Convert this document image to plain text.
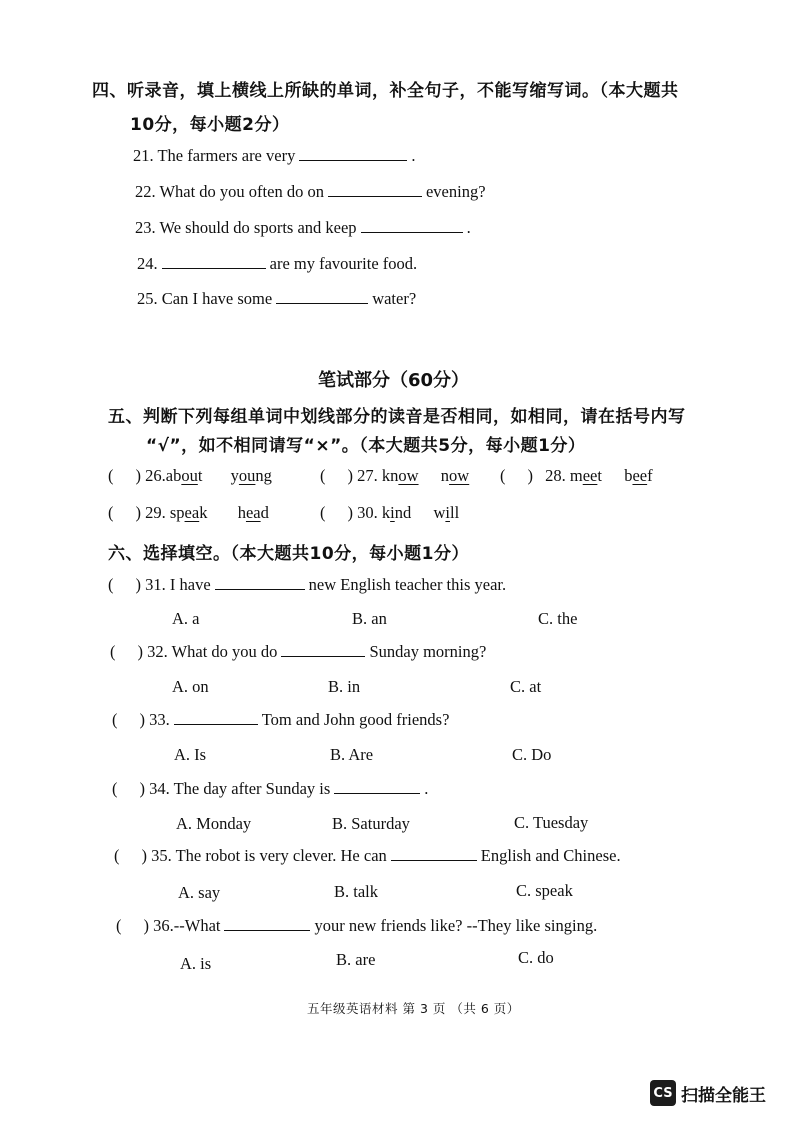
四、听录音，填上横线上所缺的单词，补全句子，不能写缩写词。（本大题共
10分，每小题2分）
21. The farmers are very	.
22. What do you often do on	evening?
23. We should do sports and keep	.
24.	are my favourite food.
25. Can I have some	water?
笔试部分（60分）
五、判断下列每组单词中划线部分的读音是否相同，如相同，请在括号内写
“√”，如不相同请写“×”。（本大题共5分，每小题1分）
( ) 26.about young	( ) 27. know now ( ) 28. meet beef
( ) 29. speak head	( ) 30. kind will
六、选择填空。（本大题共10分，每小题1分）
( ) 31. I have	new English teacher this year.
A. a	B. an	C. the
( ) 32. What do you do	Sunday morning?
A. on	B. in	C. at
( ) 33.	Tom and John good friends?
A. Is	B. Are	C. Do
( ) 34. The day after Sunday is	.
A. Monday	B. Saturday	C. Tuesday
( ) 35. The robot is very clever. He can	English and Chinese.
A. say	B. talk	C. speak
( ) 36.--What	your new friends like? --They like singing.
A. is	B. are	C. do
五年级英语材料 第 3 页 （共 6 页）
CS 扫描全能王
